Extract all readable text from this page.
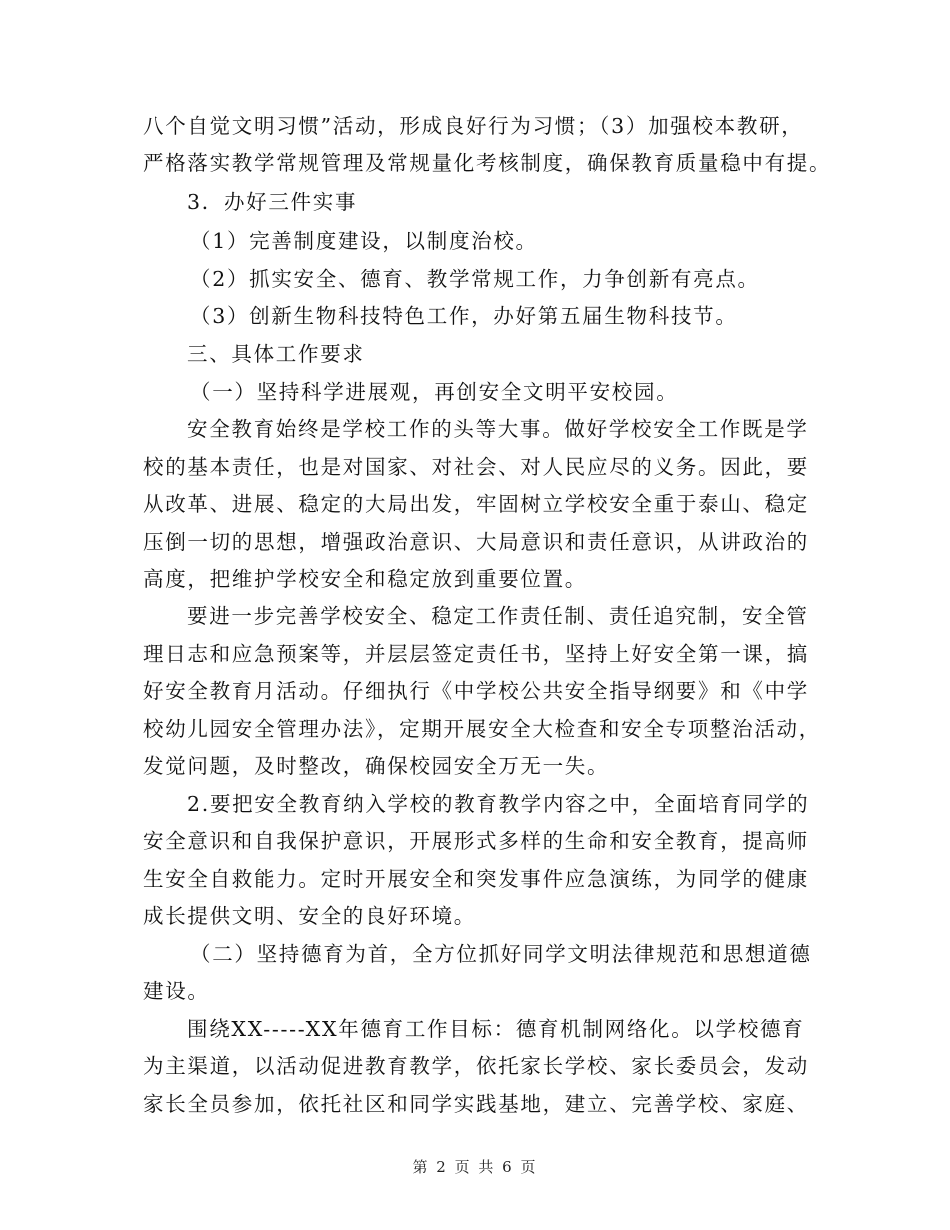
八个自觉文明习惯”活动，形成良好行为习惯；（3）加强校本教研，
严格落实教学常规管理及常规量化考核制度，确保教育质量稳中有提。
3．办好三件实事
（1）完善制度建设，以制度治校。
（2）抓实安全、德育、教学常规工作，力争创新有亮点。
（3）创新生物科技特色工作，办好第五届生物科技节。
三、具体工作要求
（一）坚持科学进展观，再创安全文明平安校园。
安全教育始终是学校工作的头等大事。做好学校安全工作既是学
校的基本责任，也是对国家、对社会、对人民应尽的义务。因此，要
从改革、进展、稳定的大局出发，牢固树立学校安全重于泰山、稳定
压倒一切的思想，增强政治意识、大局意识和责任意识，从讲政治的
高度，把维护学校安全和稳定放到重要位置。
要进一步完善学校安全、稳定工作责任制、责任追究制，安全管
理日志和应急预案等，并层层签定责任书，坚持上好安全第一课，搞
好安全教育月活动。仔细执行《中学校公共安全指导纲要》和《中学
校幼儿园安全管理办法》，定期开展安全大检查和安全专项整治活动，
发觉问题，及时整改，确保校园安全万无一失。
2.要把安全教育纳入学校的教育教学内容之中，全面培育同学的
安全意识和自我保护意识，开展形式多样的生命和安全教育，提高师
生安全自救能力。定时开展安全和突发事件应急演练，为同学的健康
成长提供文明、安全的良好环境。
（二）坚持德育为首，全方位抓好同学文明法律规范和思想道德
建设。
围绕XX-----XX年德育工作目标：德育机制网络化。以学校德育
为主渠道，以活动促进教育教学，依托家长学校、家长委员会，发动
家长全员参加，依托社区和同学实践基地，建立、完善学校、家庭、
第 2 页 共 6 页
